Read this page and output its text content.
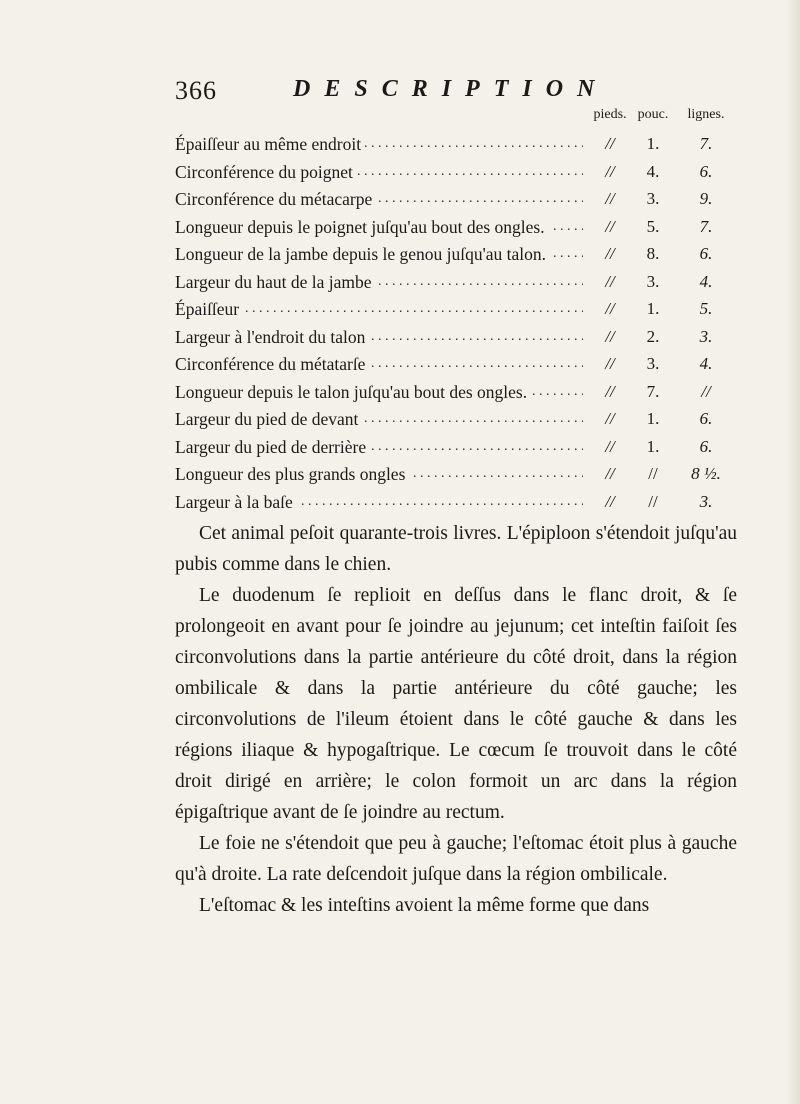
366	DESCRIPTION
pieds. pouc.	lignes.
Épaiſſeur au même endroit . . .	//	1.	7.
Circonférence du poignet . . .	//	4.	6.
Circonférence du métacarpe . . .	//	3.	9.
Longueur depuis le poignet juſqu'au bout des ongles. . . .	//	5.	7.
Longueur de la jambe depuis le genou juſqu'au talon. . . .	//	8.	6.
Largeur du haut de la jambe . . .	//	3.	4.
Épaiſſeur . . .	//	1.	5.
Largeur à l'endroit du talon . . .	//	2.	3.
Circonférence du métatarſe . . .	//	3.	4.
Longueur depuis le talon juſqu'au bout des ongles. . . .	//	7.	//
Largeur du pied de devant . . .	//	1.	6.
Largeur du pied de derrière . . .	//	1.	6.
Longueur des plus grands ongles . . .	//	//	8 ½.
Largeur à la baſe . . .	//	//	3.

Cet animal peſoit quarante-trois livres. L'épiploon s'étendoit juſqu'au pubis comme dans le chien.

Le duodenum ſe replioit en deſſus dans le flanc droit, & ſe prolongeoit en avant pour ſe joindre au jejunum; cet inteſtin faiſoit ſes circonvolutions dans la partie antérieure du côté droit, dans la région ombilicale & dans la partie antérieure du côté gauche; les circonvolutions de l'ileum étoient dans le côté gauche & dans les régions iliaque & hypogaſtrique. Le cœcum ſe trouvoit dans le côté droit dirigé en arrière; le colon formoit un arc dans la région épigaſtrique avant de ſe joindre au rectum.

Le foie ne s'étendoit que peu à gauche; l'eſtomac étoit plus à gauche qu'à droite. La rate deſcendoit juſque dans la région ombilicale.

L'eſtomac & les inteſtins avoient la même forme que dans
